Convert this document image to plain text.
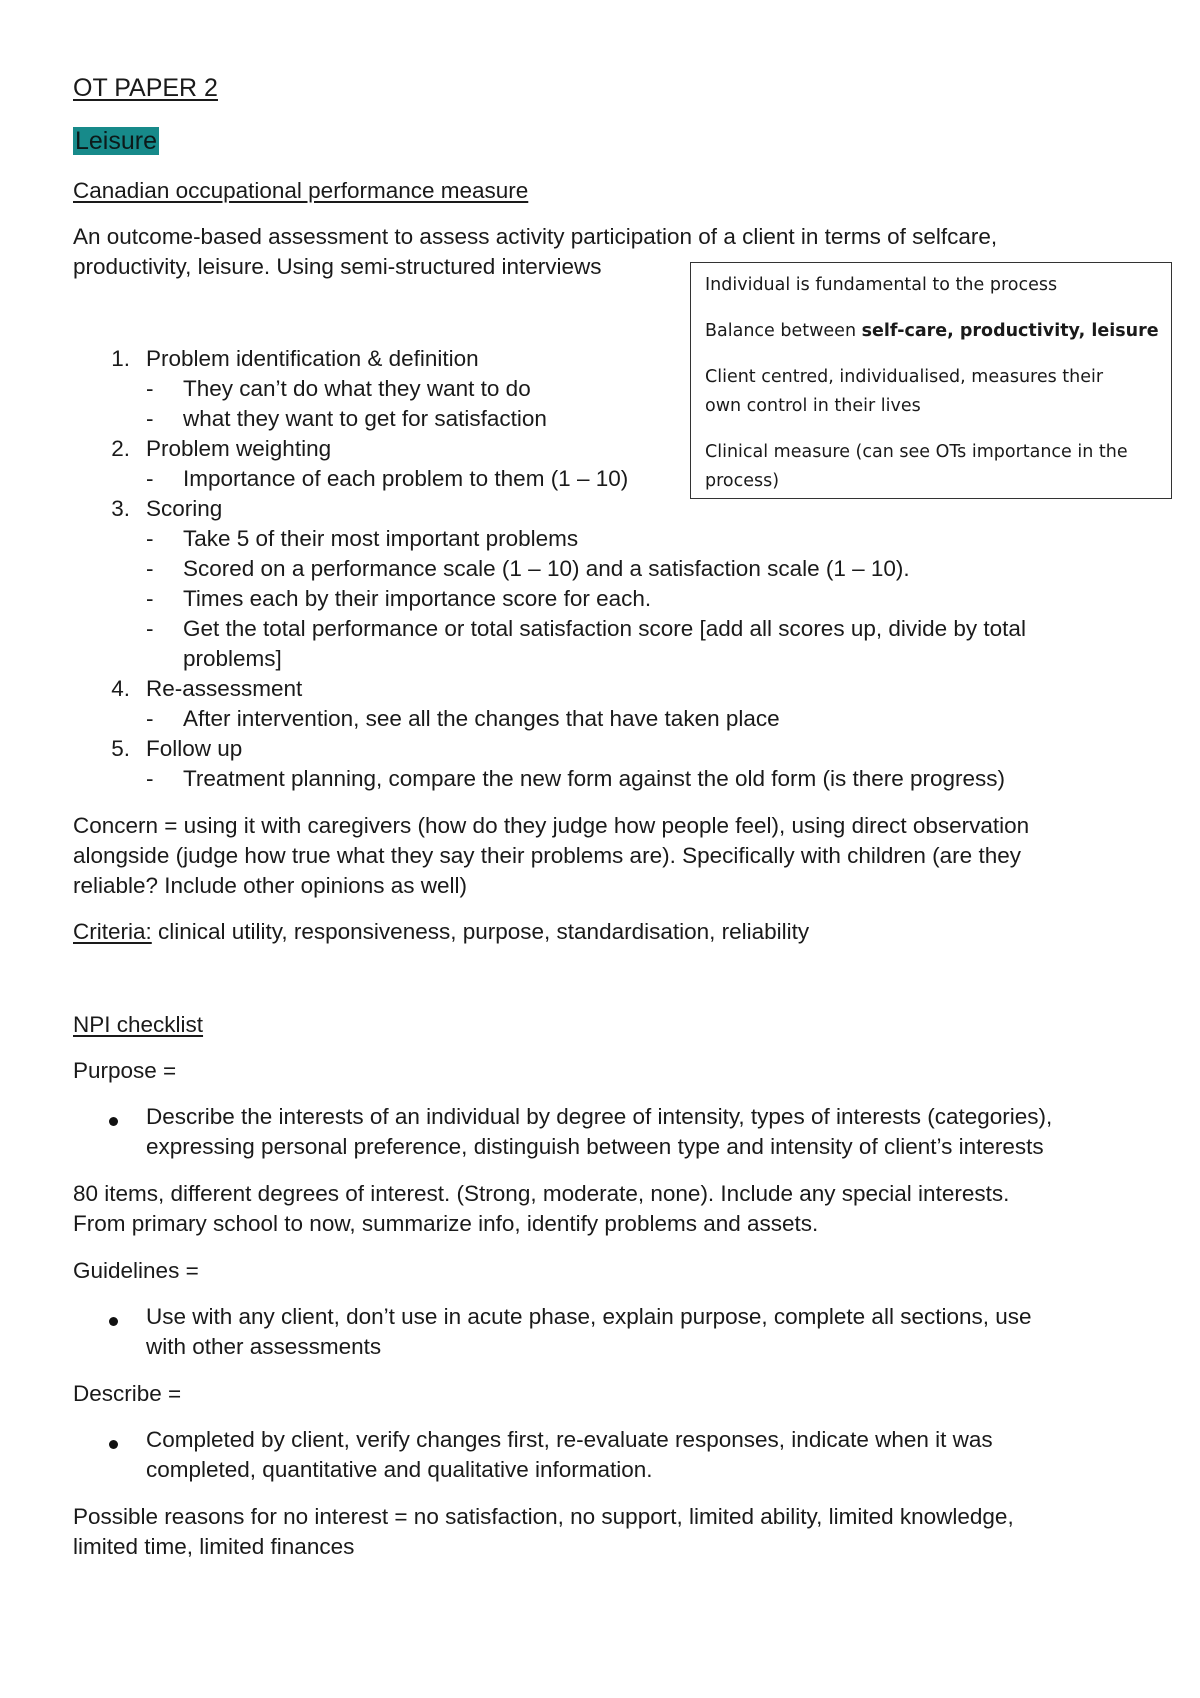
OT PAPER 2
Leisure
Canadian occupational performance measure
An outcome-based assessment to assess activity participation of a client in terms of selfcare,
productivity, leisure. Using semi-structured interviews
1. Problem identification & definition
- They can’t do what they want to do
- what they want to get for satisfaction
2. Problem weighting
- Importance of each problem to them (1 – 10)
3. Scoring
- Take 5 of their most important problems
- Scored on a performance scale (1 – 10) and a satisfaction scale (1 – 10).
- Times each by their importance score for each.
- Get the total performance or total satisfaction score [add all scores up, divide by total
problems]
4. Re-assessment
- After intervention, see all the changes that have taken place
5. Follow up
- Treatment planning, compare the new form against the old form (is there progress)
Concern = using it with caregivers (how do they judge how people feel), using direct observation
alongside (judge how true what they say their problems are). Specifically with children (are they
reliable? Include other opinions as well)
Criteria: clinical utility, responsiveness, purpose, standardisation, reliability
Individual is fundamental to the process
Balance between self-care, productivity, leisure
Client centred, individualised, measures their
own control in their lives
Clinical measure (can see OTs importance in the
process)
NPI checklist
Purpose =
Describe the interests of an individual by degree of intensity, types of interests (categories),
expressing personal preference, distinguish between type and intensity of client’s interests
80 items, different degrees of interest. (Strong, moderate, none). Include any special interests.
From primary school to now, summarize info, identify problems and assets.
Guidelines =
Use with any client, don’t use in acute phase, explain purpose, complete all sections, use
with other assessments
Describe =
Completed by client, verify changes first, re-evaluate responses, indicate when it was
completed, quantitative and qualitative information.
Possible reasons for no interest = no satisfaction, no support, limited ability, limited knowledge,
limited time, limited finances
